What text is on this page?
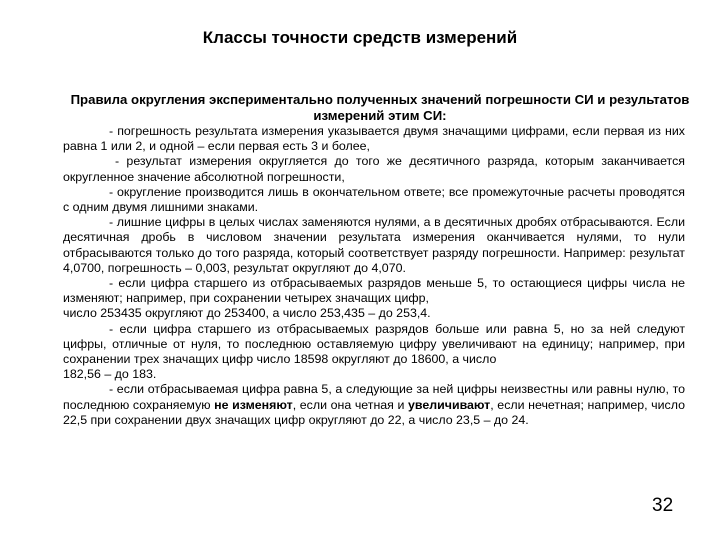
Классы точности средств измерений
Правила округления экспериментально полученных значений погрешности СИ и результатов измерений этим СИ:

- погрешность результата измерения указывается двумя значащими цифрами, если первая из них равна 1 или 2, и одной – если первая есть 3 и более,

- результат измерения округляется до того же десятичного разряда, которым заканчивается округленное значение абсолютной погрешности,

- округление производится лишь в окончательном ответе; все промежуточные расчеты проводятся с одним двумя лишними знаками.

- лишние цифры в целых числах заменяются нулями, а в десятичных дробях отбрасываются. Если десятичная дробь в числовом значении результата измерения оканчивается нулями, то нули отбрасываются только до того разряда, который соответствует разряду погрешности. Например: результат 4,0700, погрешность – 0,003, результат округляют до 4,070.

- если цифра старшего из отбрасываемых разрядов меньше 5, то остающиеся цифры числа не изменяют; например, при сохранении четырех значащих цифр,

число 253435 округляют до 253400, а число 253,435 – до 253,4.

- если цифра старшего из отбрасываемых разрядов больше или равна 5, но за ней следуют цифры, отличные от нуля, то последнюю оставляемую цифру увеличивают на единицу; например, при сохранении трех значащих цифр число 18598 округляют до 18600, а число

182,56 – до 183.

- если отбрасываемая цифра равна 5, а следующие за ней цифры неизвестны или равны нулю, то последнюю сохраняемую не изменяют, если она четная и увеличивают, если нечетная; например, число 22,5 при сохранении двух значащих цифр округляют до 22, а число 23,5 – до 24.

32
